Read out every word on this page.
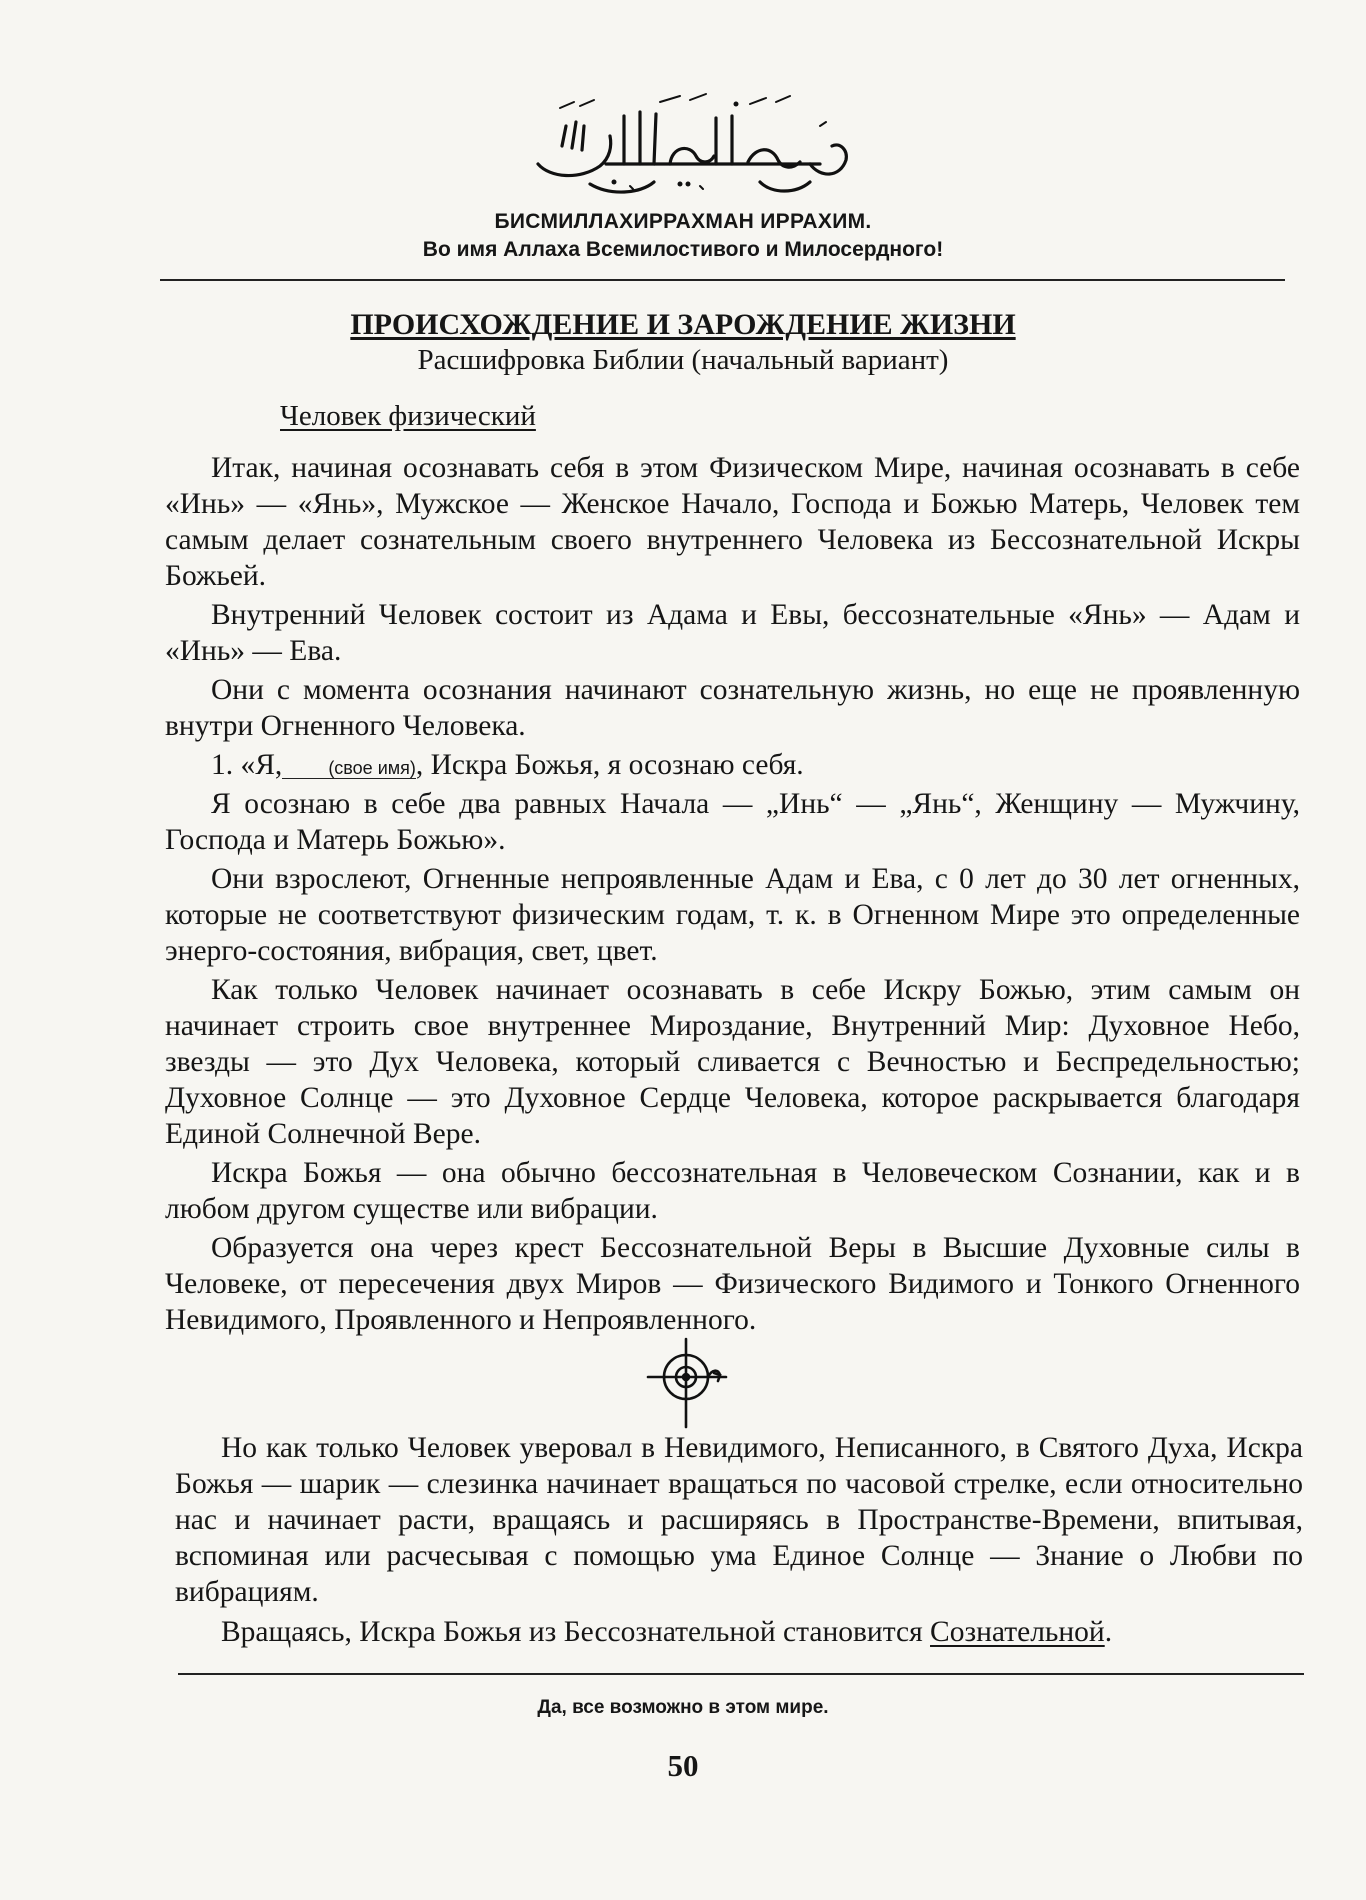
БИСМИЛЛАХИРРАХМАН ИРРАХИМ.
Во имя Аллаха Всемилостивого и Милосердного!
ПРОИСХОЖДЕНИЕ И ЗАРОЖДЕНИЕ ЖИЗНИ
Расшифровка Библии (начальный вариант)
Человек физический

Итак, начиная осознавать себя в этом Физическом Мире, начиная осознавать в себе «Инь» — «Янь», Мужское — Женское Начало, Господа и Божью Матерь, Человек тем самым делает сознательным своего внутреннего Человека из Бессознательной Искры Божьей.

Внутренний Человек состоит из Адама и Евы, бессознательные «Янь» — Адам и «Инь» — Ева.

Они с момента осознания начинают сознательную жизнь, но еще не проявленную внутри Огненного Человека.

1. «Я,	(свое имя), Искра Божья, я осознаю себя.

Я осознаю в себе два равных Начала — „Инь“ — „Янь“, Женщину — Мужчину, Господа и Матерь Божью».

Они взрослеют, Огненные непроявленные Адам и Ева, с 0 лет до 30 лет огненных, которые не соответствуют физическим годам, т. к. в Огненном Мире это определенные энерго-состояния, вибрация, свет, цвет.

Как только Человек начинает осознавать в себе Искру Божью, этим самым он начинает строить свое внутреннее Мироздание, Внутренний Мир: Духовное Небо, звезды — это Дух Человека, который сливается с Вечностью и Беспредельностью; Духовное Солнце — это Духовное Сердце Человека, которое раскрывается благодаря Единой Солнечной Вере.

Искра Божья — она обычно бессознательная в Человеческом Сознании, как и в любом другом существе или вибрации.

Образуется она через крест Бессознательной Веры в Высшие Духовные силы в Человеке, от пересечения двух Миров — Физического Видимого и Тонкого Огненного Невидимого, Проявленного и Непроявленного.

Но как только Человек уверовал в Невидимого, Неписанного, в Святого Духа, Искра Божья — шарик — слезинка начинает вращаться по часовой стрелке, если относительно нас и начинает расти, вращаясь и расширяясь в Пространстве-Времени, впитывая, вспоминая или расчесывая с помощью ума Единое Солнце — Знание о Любви по вибрациям.

Вращаясь, Искра Божья из Бессознательной становится Сознательной.

Да, все возможно в этом мире.
50
